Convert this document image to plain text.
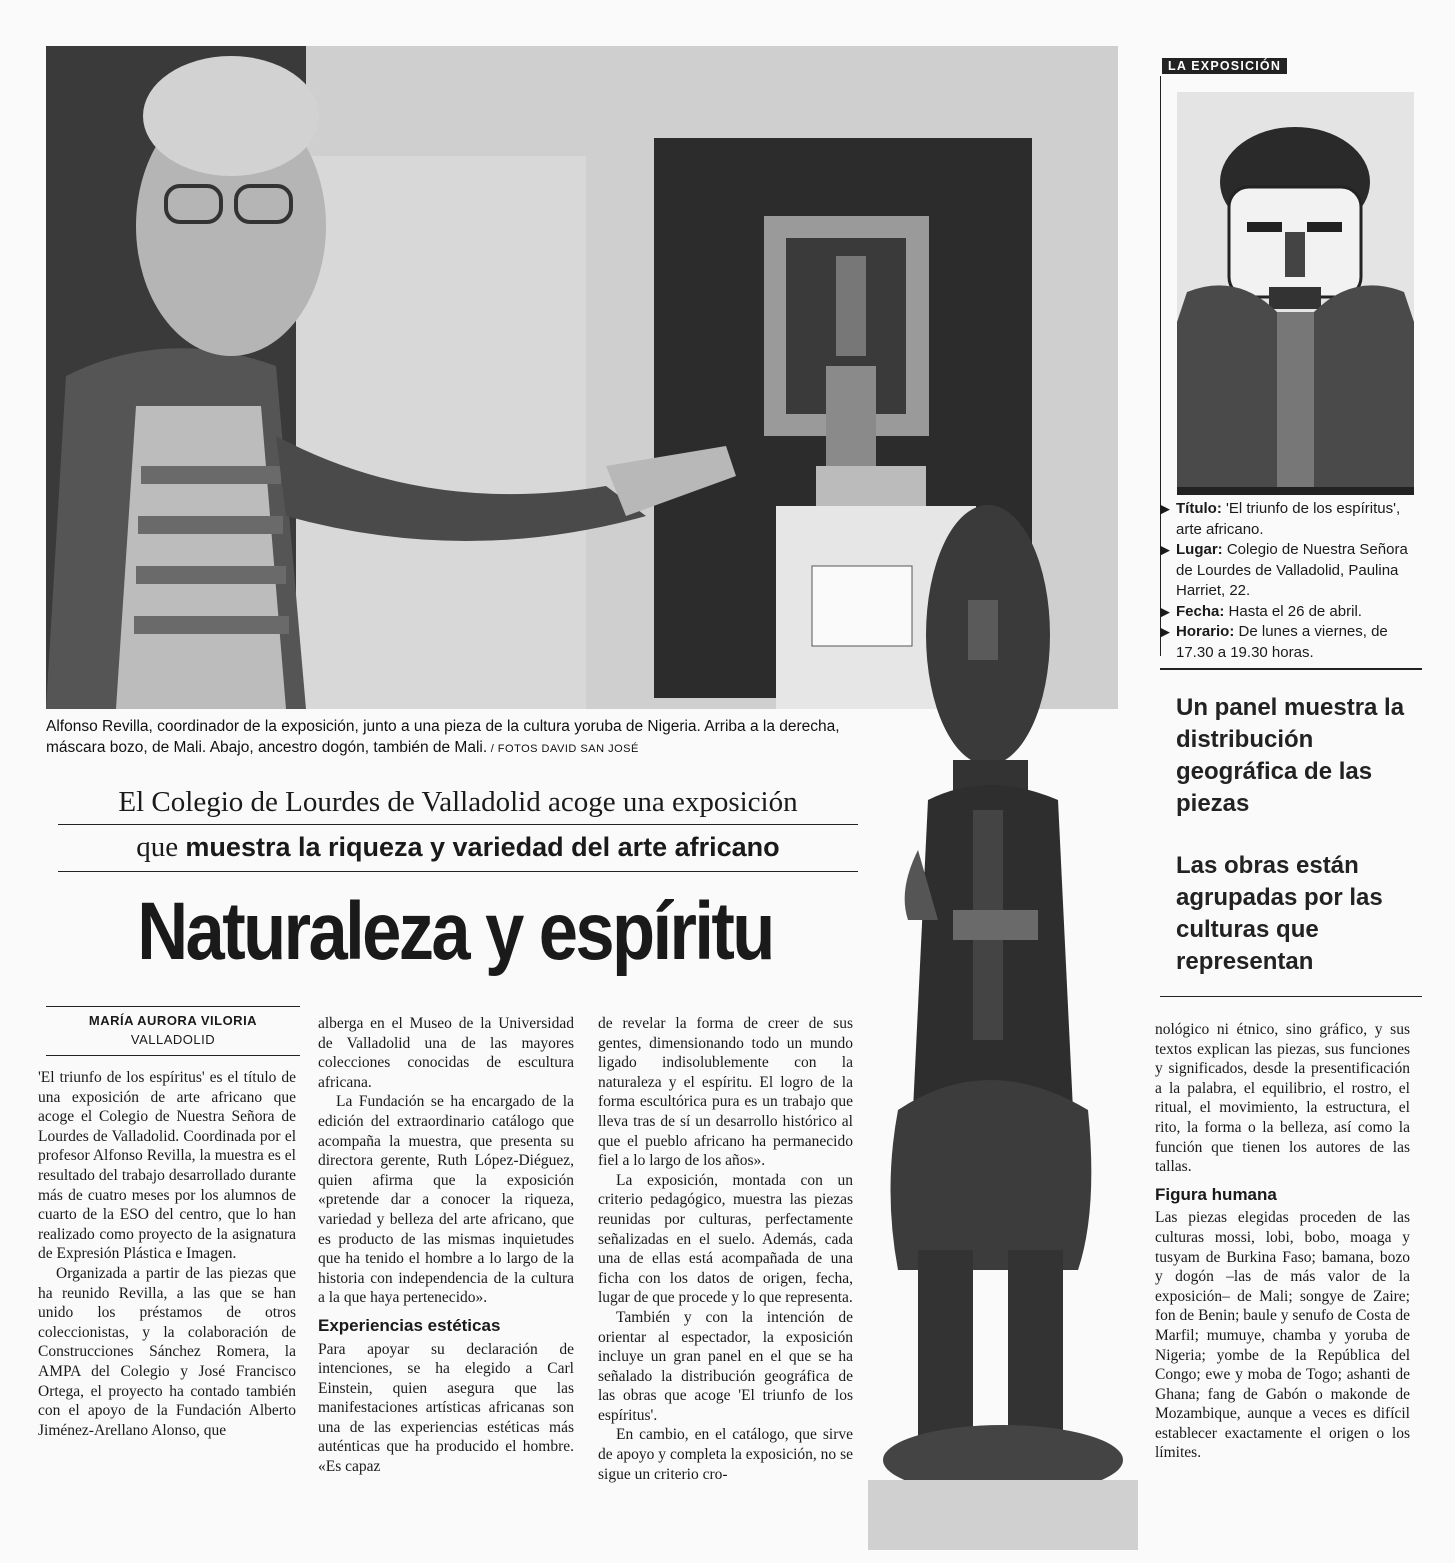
Alfonso Revilla, coordinador de la exposición, junto a una pieza de la cultura yoruba de Nigeria. Arriba a la derecha, máscara bozo, de Mali. Abajo, ancestro dogón, también de Mali. / FOTOS DAVID SAN JOSÉ
El Colegio de Lourdes de Valladolid acoge una exposición
que muestra la riqueza y variedad del arte africano
Naturaleza y espíritu
MARÍA AURORA VILORIA
VALLADOLID

'El triunfo de los espíritus' es el título de una exposición de arte africano que acoge el Colegio de Nuestra Señora de Lourdes de Valladolid. Coordinada por el profesor Alfonso Revilla, la muestra es el resultado del trabajo desarrollado durante más de cuatro meses por los alumnos de cuarto de la ESO del centro, que lo han realizado como proyecto de la asignatura de Expresión Plástica e Imagen.

Organizada a partir de las piezas que ha reunido Revilla, a las que se han unido los préstamos de otros coleccionistas, y la colaboración de Construcciones Sánchez Romera, la AMPA del Colegio y José Francisco Ortega, el proyecto ha contado también con el apoyo de la Fundación Alberto Jiménez-Arellano Alonso, que

alberga en el Museo de la Universidad de Valladolid una de las mayores colecciones conocidas de escultura africana.

La Fundación se ha encargado de la edición del extraordinario catálogo que acompaña la muestra, que presenta su directora gerente, Ruth López-Diéguez, quien afirma que la exposición «pretende dar a conocer la riqueza, variedad y belleza del arte africano, que es producto de las mismas inquietudes que ha tenido el hombre a lo largo de la historia con independencia de la cultura a la que haya pertenecido».

Experiencias estéticas

Para apoyar su declaración de intenciones, se ha elegido a Carl Einstein, quien asegura que las manifestaciones artísticas africanas son una de las experiencias estéticas más auténticas que ha producido el hombre. «Es capaz

de revelar la forma de creer de sus gentes, dimensionando todo un mundo ligado indisolublemente con la naturaleza y el espíritu. El logro de la forma escultórica pura es un trabajo que lleva tras de sí un desarrollo histórico al que el pueblo africano ha permanecido fiel a lo largo de los años».

La exposición, montada con un criterio pedagógico, muestra las piezas reunidas por culturas, perfectamente señalizadas en el suelo. Además, cada una de ellas está acompañada de una ficha con los datos de origen, fecha, lugar de que procede y lo que representa.

También y con la intención de orientar al espectador, la exposición incluye un gran panel en el que se ha señalado la distribución geográfica de las obras que acoge 'El triunfo de los espíritus'.

En cambio, en el catálogo, que sirve de apoyo y completa la exposición, no se sigue un criterio cro-

LA EXPOSICIÓN
▶ Título: 'El triunfo de los espíritus', arte africano.
▶ Lugar: Colegio de Nuestra Señora de Lourdes de Valladolid, Paulina Harriet, 22.
▶ Fecha: Hasta el 26 de abril.
▶ Horario: De lunes a viernes, de 17.30 a 19.30 horas.
Un panel muestra la distribución geográfica de las piezas
Las obras están agrupadas por las culturas que representan

nológico ni étnico, sino gráfico, y sus textos explican las piezas, sus funciones y significados, desde la presentificación a la palabra, el equilibrio, el rostro, el ritual, el movimiento, la estructura, el rito, la forma o la belleza, así como la función que tienen los autores de las tallas.

Figura humana

Las piezas elegidas proceden de las culturas mossi, lobi, bobo, moaga y tusyam de Burkina Faso; bamana, bozo y dogón –las de más valor de la exposición– de Mali; songye de Zaire; fon de Benin; baule y senufo de Costa de Marfil; mumuye, chamba y yoruba de Nigeria; yombe de la República del Congo; ewe y moba de Togo; ashanti de Ghana; fang de Gabón o makonde de Mozambique, aunque a veces es difícil establecer exactamente el origen o los límites.
